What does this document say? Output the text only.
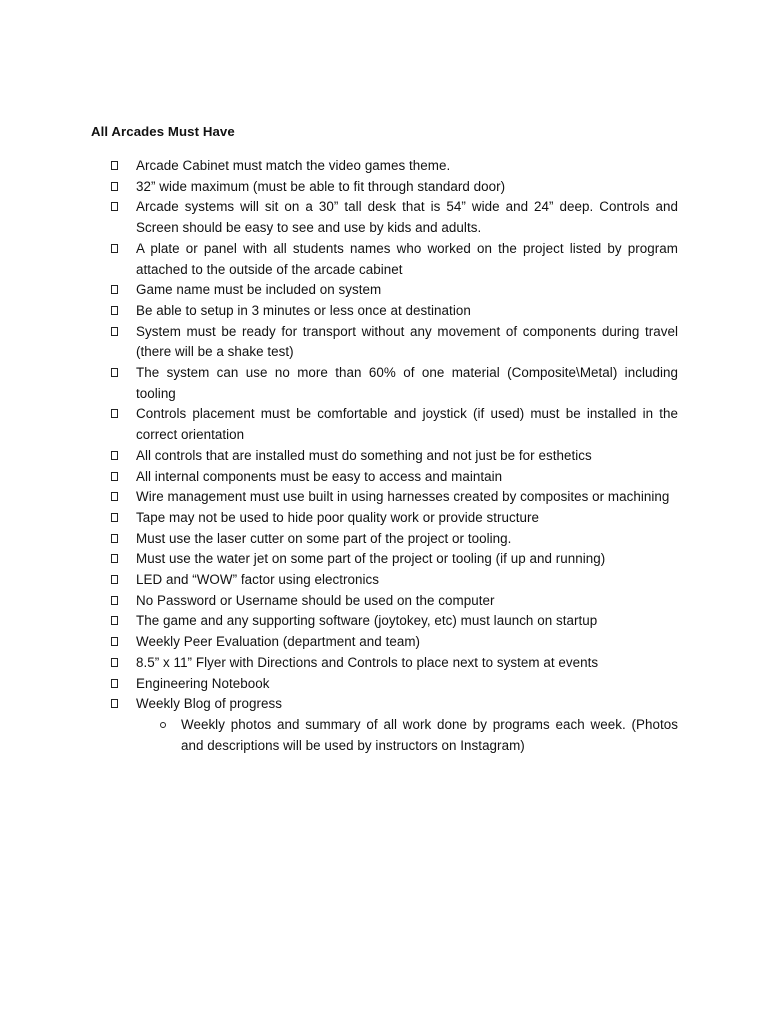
All Arcades Must Have
Arcade Cabinet must match the video games theme.
32” wide maximum (must be able to fit through standard door)
Arcade systems will sit on a 30” tall desk that is 54” wide and 24” deep. Controls and Screen should be easy to see and use by kids and adults.
A plate or panel with all students names who worked on the project listed by program attached to the outside of the arcade cabinet
Game name must be included on system
Be able to setup in 3 minutes or less once at destination
System must be ready for transport without any movement of components during travel (there will be a shake test)
The system can use no more than 60% of one material (Composite\Metal) including tooling
Controls placement must be comfortable and joystick (if used) must be installed in the correct orientation
All controls that are installed must do something and not just be for esthetics
All internal components must be easy to access and maintain
Wire management must use built in using harnesses created by composites or machining
Tape may not be used to hide poor quality work or provide structure
Must use the laser cutter on some part of the project or tooling.
Must use the water jet on some part of the project or tooling (if up and running)
LED and “WOW” factor using electronics
No Password or Username should be used on the computer
The game and any supporting software (joytokey, etc) must launch on startup
Weekly Peer Evaluation (department and team)
8.5” x 11” Flyer with Directions and Controls to place next to system at events
Engineering Notebook
Weekly Blog of progress
Weekly photos and summary of all work done by programs each week. (Photos and descriptions will be used by instructors on Instagram)
